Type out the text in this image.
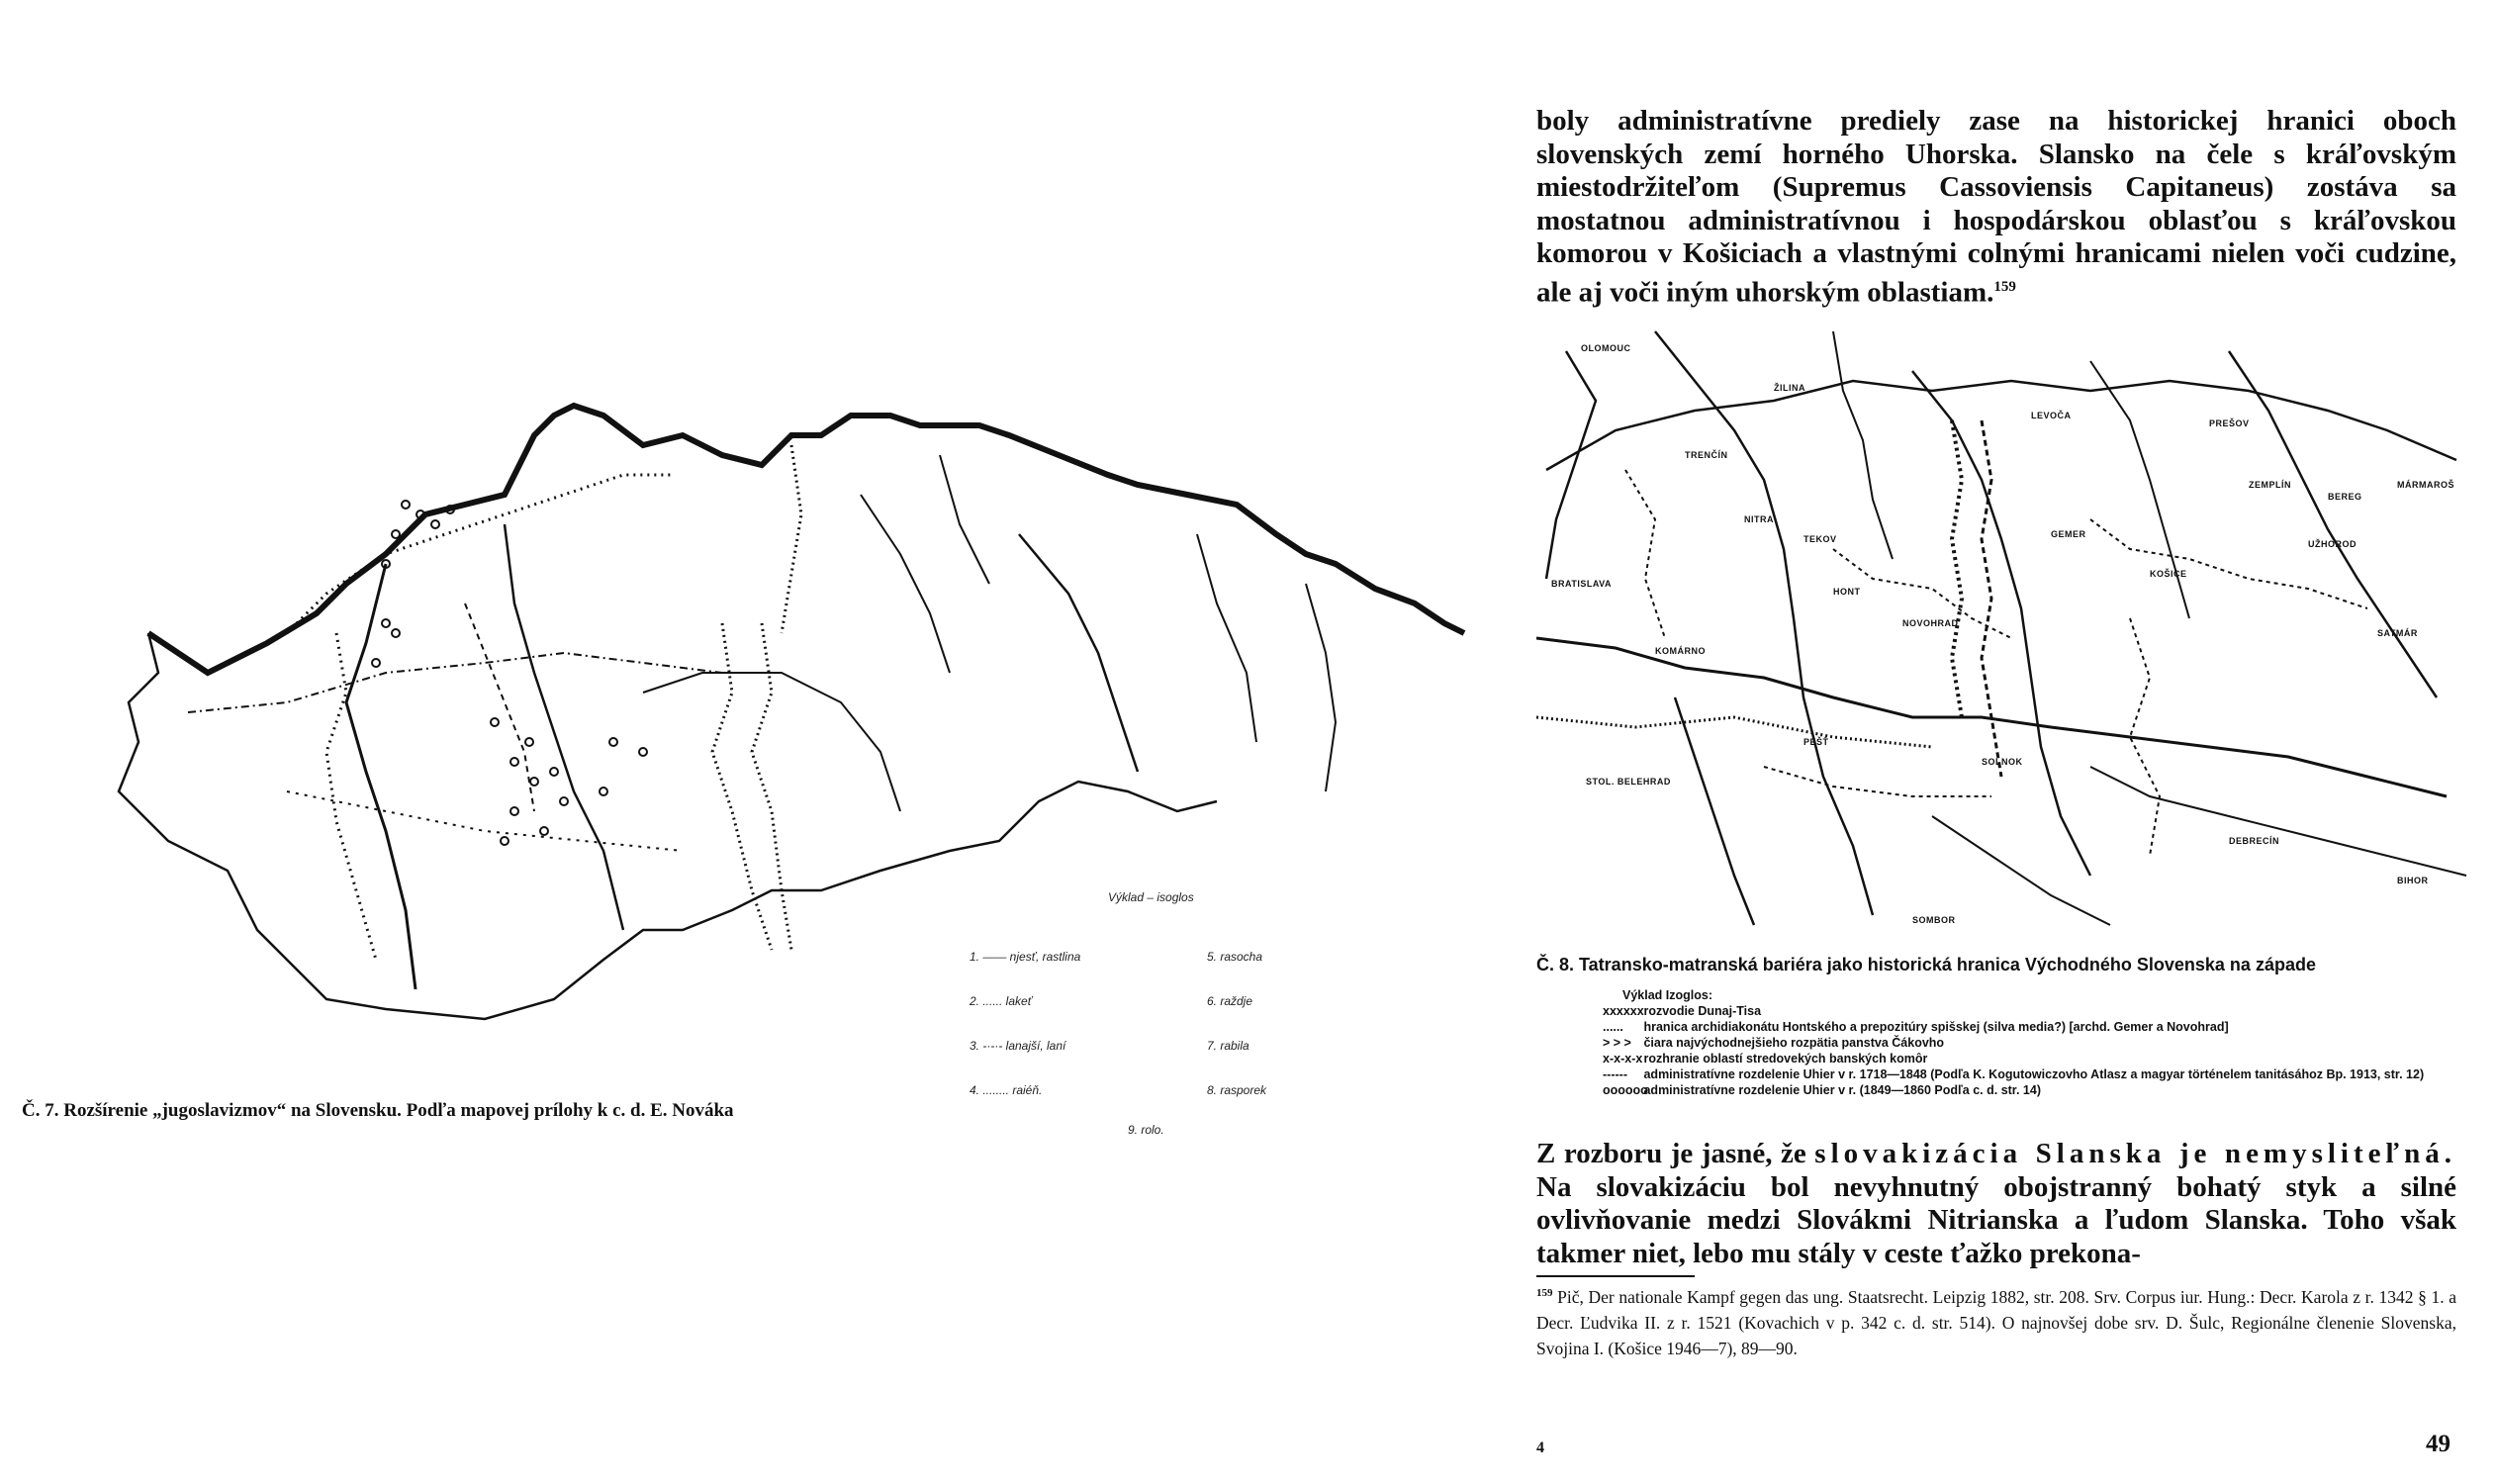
Č. 7. Rozšírenie „jugoslavizmov“ na Slovensku. Podľa mapovej prílohy k c. d. E. Nováka
Výklad – isoglos
1. —— njesť, rastlina
2. ...... lakeť
3. -·-·- lanajší, laní
4. ........ raiéň.
5. rasocha
6. raždje
7. rabila
8. rasporek
9. rolo.
boly administratívne prediely zase na historickej hranici oboch slovenských zemí horného Uhorska. Slansko na čele s kráľovským miestodržiteľom (Supremus Cassoviensis Capitaneus) zostáva sa mostatnou administratívnou i hospodárskou oblasťou s kráľovskou komorou v Košiciach a vlastnými colnými hranicami nielen voči cudzine, ale aj voči iným uhorským oblastiam.$^{159}$
OLOMOUC
ŽILINA
TRENČÍN
LEVOČA
PREŠOV
NITRA
TEKOV
BRATISLAVA
KOMÁRNO
HONT
NOVOHRAD
GEMER
KOŠICE
UŽHOROD
ZEMPLÍN
SATMÁR
BEREG
MÁRMAROŠ
STOL. BELEHRAD
PEŠŤ
SOLNOK
DEBRECÍN
SOMBOR
BIHOR
Č. 8. Tatransko-matranská bariéra jako historická hranica Východného Slovenska na západe
Výklad Izoglos:
xxxxxx rozvodie Dunaj-Tisa
...... hranica archidiakonátu Hontského a prepozitúry spišskej (silva media?) [archd. Gemer a Novohrad]
> > > čiara najvýchodnejšieho rozpätia panstva Čákovho
x-x-x-x rozhranie oblastí stredovekých banských komôr
------ administratívne rozdelenie Uhier v r. 1718—1848 (Podľa K. Kogutowiczovho Atlasz a magyar történelem tanitásához Bp. 1913, str. 12)
oooooo administratívne rozdelenie Uhier v r. (1849—1860 Podľa c. d. str. 14)
Z rozboru je jasné, že slovakizácia Slanska je nemysliteľná. Na slovakizáciu bol nevyhnutný obojstranný bohatý styk a silné ovlivňovanie medzi Slovákmi Nitrianska a ľudom Slanska. Toho však takmer niet, lebo mu stály v ceste ťažko prekona-
$^{159}$ Pič, Der nationale Kampf gegen das ung. Staatsrecht. Leipzig 1882, str. 208. Srv. Corpus iur. Hung.: Decr. Karola z r. 1342 § 1. a Decr. Ľudvika II. z r. 1521 (Kovachich v p. 342 c. d. str. 514). O najnovšej dobe srv. D. Šulc, Regionálne členenie Slovenska, Svojina I. (Košice 1946—7), 89—90.
4	49
